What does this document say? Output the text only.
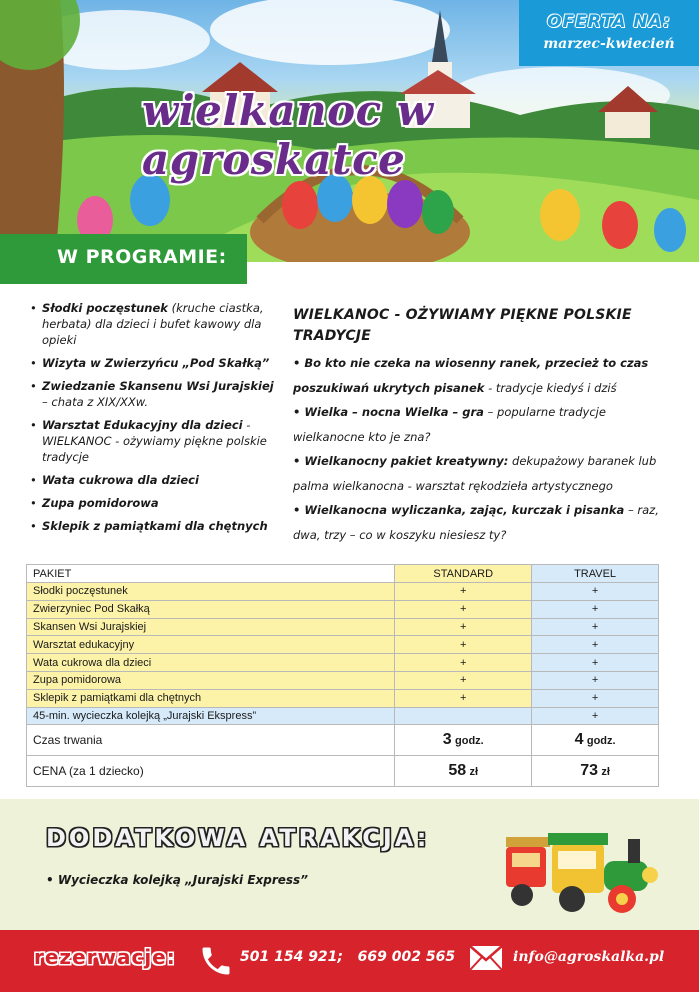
wielkanoc w agroskatce
OFERTA NA:
marzec-kwiecień
W PROGRAMIE:
• Słodki poczęstunek (kruche ciastka, herbata) dla dzieci i bufet kawowy dla opieki
• Wizyta w Zwierzyńcu „Pod Skałką”
• Zwiedzanie Skansenu Wsi Jurajskiej – chata z XIX/XXw.
• Warsztat Edukacyjny dla dzieci - WIELKANOC - ożywiamy piękne polskie tradycje
• Wata cukrowa dla dzieci
• Zupa pomidorowa
• Sklepik z pamiątkami dla chętnych
WIELKANOC - OŻYWIAMY PIĘKNE POLSKIE TRADYCJE

• Bo kto nie czeka na wiosenny ranek, przecież to czas poszukiwań ukrytych pisanek - tradycje kiedyś i dziś
• Wielka – nocna Wielka – gra – popularne tradycje wielkanocne kto je zna?
• Wielkanocny pakiet kreatywny: dekupażowy baranek lub palma wielkanocna - warsztat rękodzieła artystycznego
• Wielkanocna wyliczanka, zając, kurczak i pisanka – raz, dwa, trzy – co w koszyku niesiesz ty?

PAKIET	STANDARD	TRAVEL
Słodki poczęstunek	+	+
Zwierzyniec Pod Skałką	+	+
Skansen Wsi Jurajskiej	+	+
Warsztat edukacyjny	+	+
Wata cukrowa dla dzieci	+	+
Zupa pomidorowa	+	+
Sklepik z pamiątkami dla chętnych	+	+
45-min. wycieczka kolejką „Jurajski Ekspress”		+
Czas trwania	3 godz.	4 godz.
CENA (za 1 dziecko)	58 zł	73 zł
DODATKOWA ATRAKCJA:
• Wycieczka kolejką „Jurajski Express”
rezerwacje:	501 154 921; 669 002 565	info@agroskalka.pl
